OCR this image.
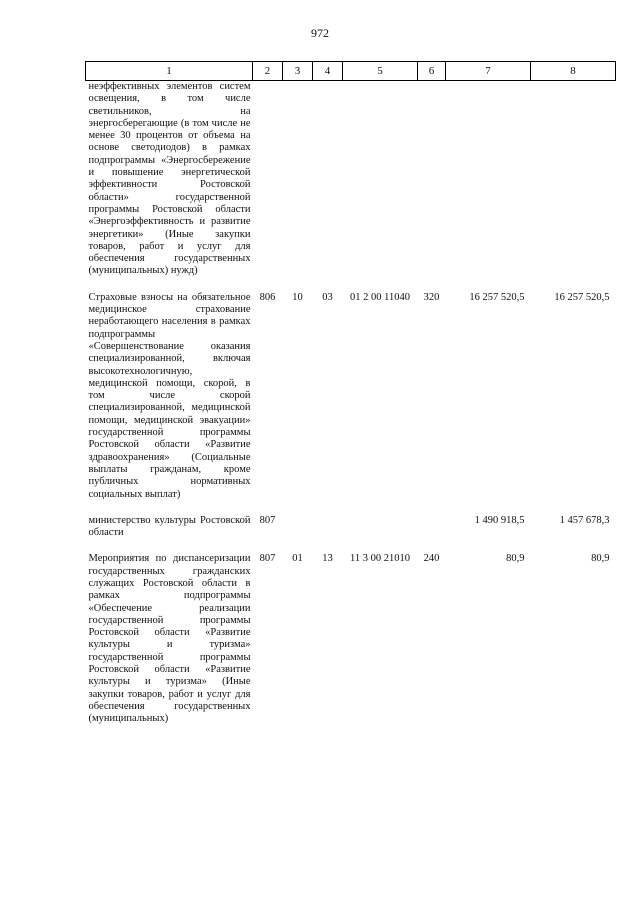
972
1	2	3	4	5	6	7	8
неэффективных элементов систем освещения, в том числе светильников, на энергосберегающие (в том числе не менее 30 процентов от объема на основе светодиодов) в рамках подпрограммы «Энергосбережение и повышение энергетической эффективности Ростовской области» государственной программы Ростовской области «Энергоэффективность и развитие энергетики» (Иные закупки товаров, работ и услуг для обеспечения государственных (муниципальных) нужд)							

Страховые взносы на обязательное медицинское страхование неработающего населения в рамках подпрограммы «Совершенствование оказания специализированной, включая высокотехнологичную, медицинской помощи, скорой, в том числе скорой специализированной, медицинской помощи, медицинской эвакуации» государственной программы Ростовской области «Развитие здравоохранения» (Социальные выплаты гражданам, кроме публичных нормативных социальных выплат)	806	10	03	01 2 00 11040	320	16 257 520,5	16 257 520,5

министерство культуры Ростовской области	807					1 490 918,5	1 457 678,3

Мероприятия по диспансеризации государственных гражданских служащих Ростовской области в рамках подпрограммы «Обеспечение реализации государственной программы Ростовской области «Развитие культуры и туризма» государственной программы Ростовской области «Развитие культуры и туризма» (Иные закупки товаров, работ и услуг для обеспечения государственных (муниципальных)	807	01	13	11 3 00 21010	240	80,9	80,9
